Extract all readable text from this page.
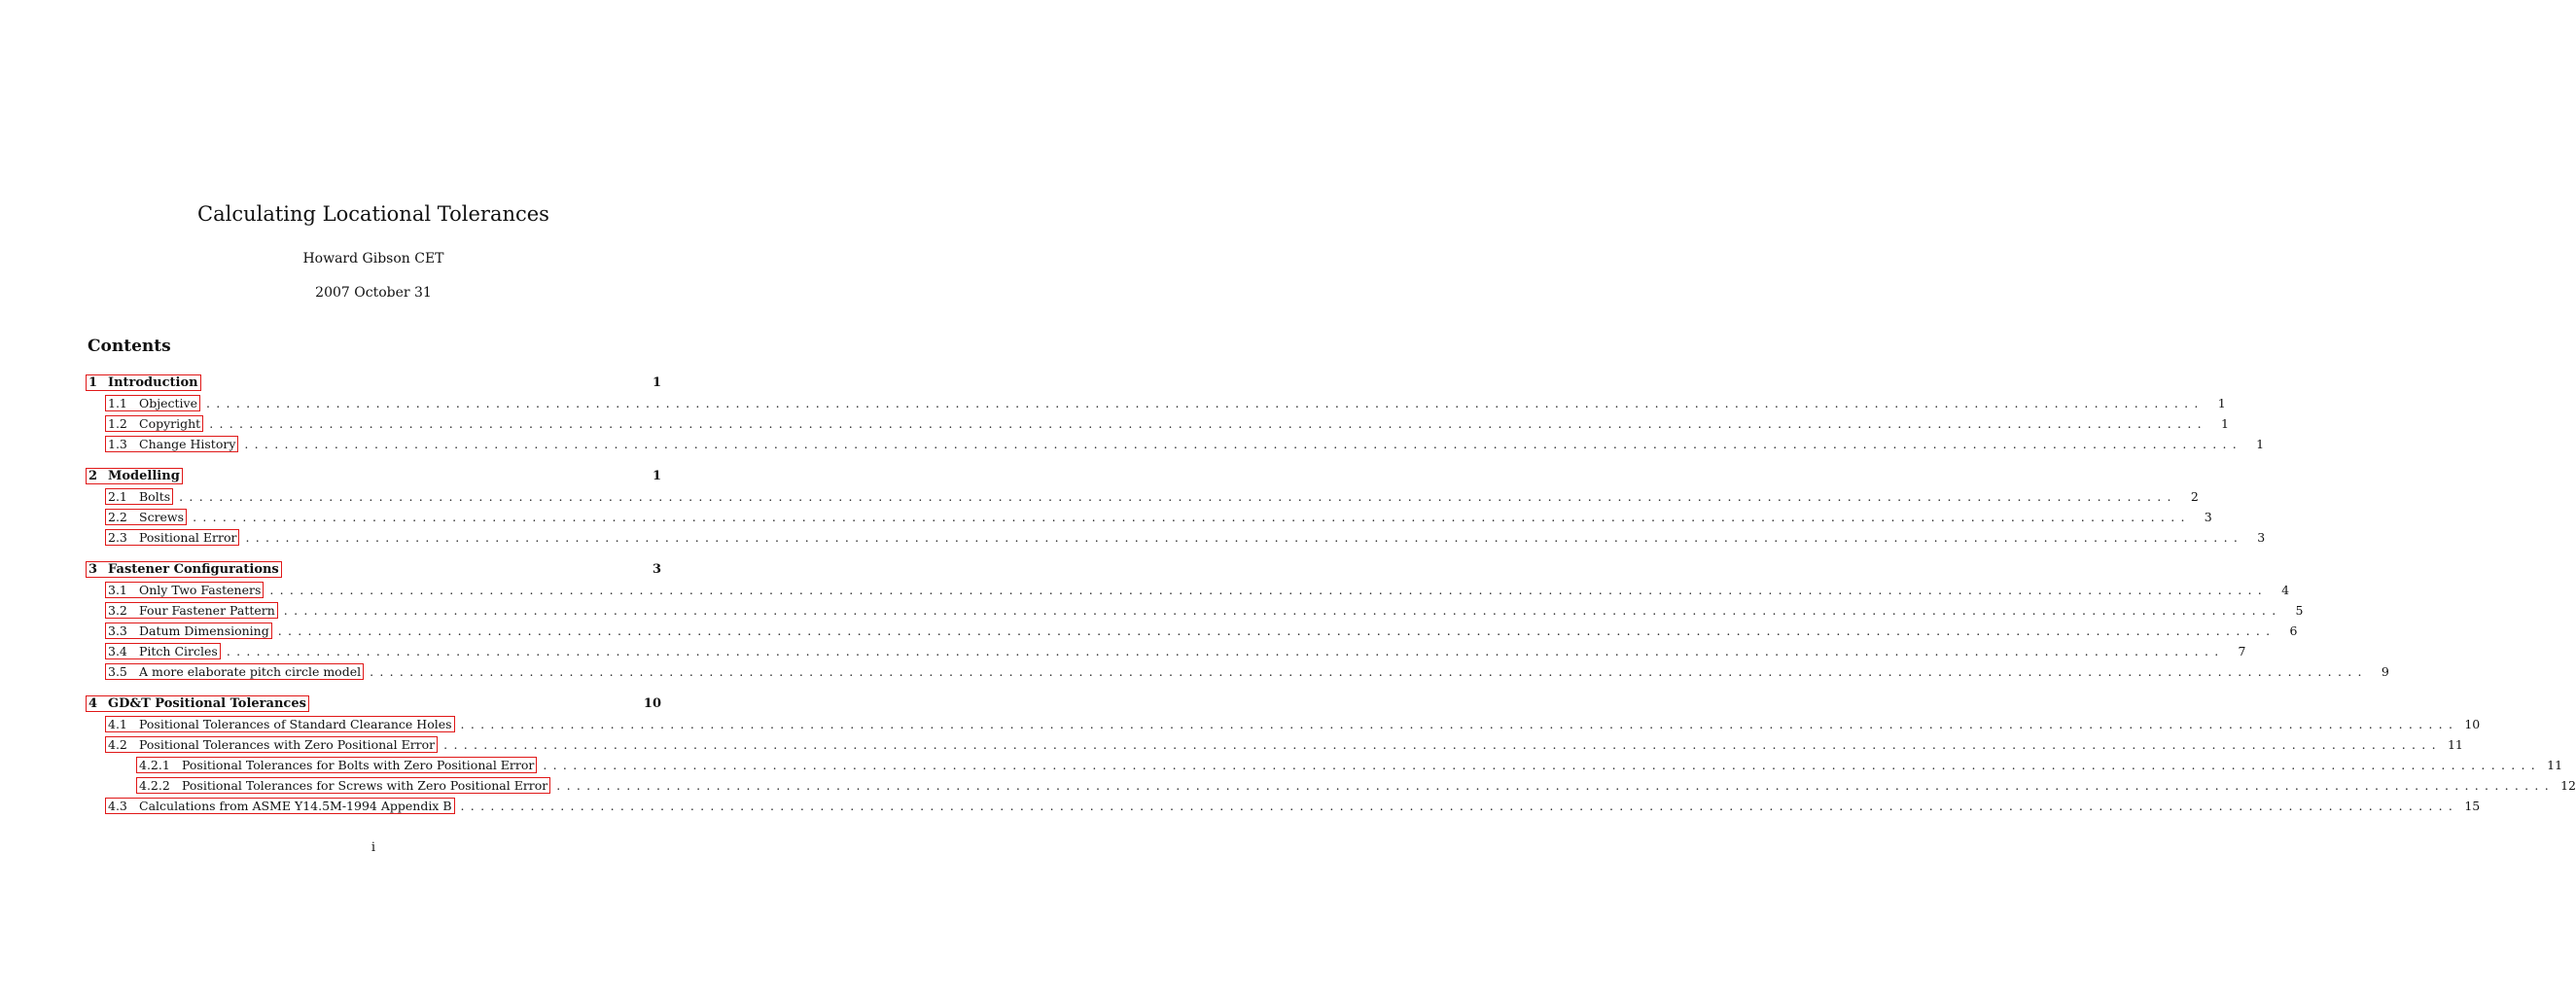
Calculating Locational Tolerances
Howard Gibson CET
2007 October 31
Contents
1 Introduction	1
1.1 Objective ........................................................................................................................................................................................................	1
1.2 Copyright ........................................................................................................................................................................................................	1
1.3 Change History ........................................................................................................................................................................................................	1
2 Modelling	1
2.1 Bolts ........................................................................................................................................................................................................	2
2.2 Screws ........................................................................................................................................................................................................	3
2.3 Positional Error ........................................................................................................................................................................................................	3
3 Fastener Configurations	3
3.1 Only Two Fasteners ........................................................................................................................................................................................................	4
3.2 Four Fastener Pattern ........................................................................................................................................................................................................	5
3.3 Datum Dimensioning ........................................................................................................................................................................................................	6
3.4 Pitch Circles ........................................................................................................................................................................................................	7
3.5 A more elaborate pitch circle model ........................................................................................................................................................................................................	9
4 GD&T Positional Tolerances	10
4.1 Positional Tolerances of Standard Clearance Holes ........................................................................................................................................................................................................ 10
4.2 Positional Tolerances with Zero Positional Error ........................................................................................................................................................................................................ 11
4.2.1 Positional Tolerances for Bolts with Zero Positional Error ........................................................................................................................................................................................................ 11
4.2.2 Positional Tolerances for Screws with Zero Positional Error ........................................................................................................................................................................................................ 12
4.3 Calculations from ASME Y14.5M-1994 Appendix B ........................................................................................................................................................................................................ 15
i
